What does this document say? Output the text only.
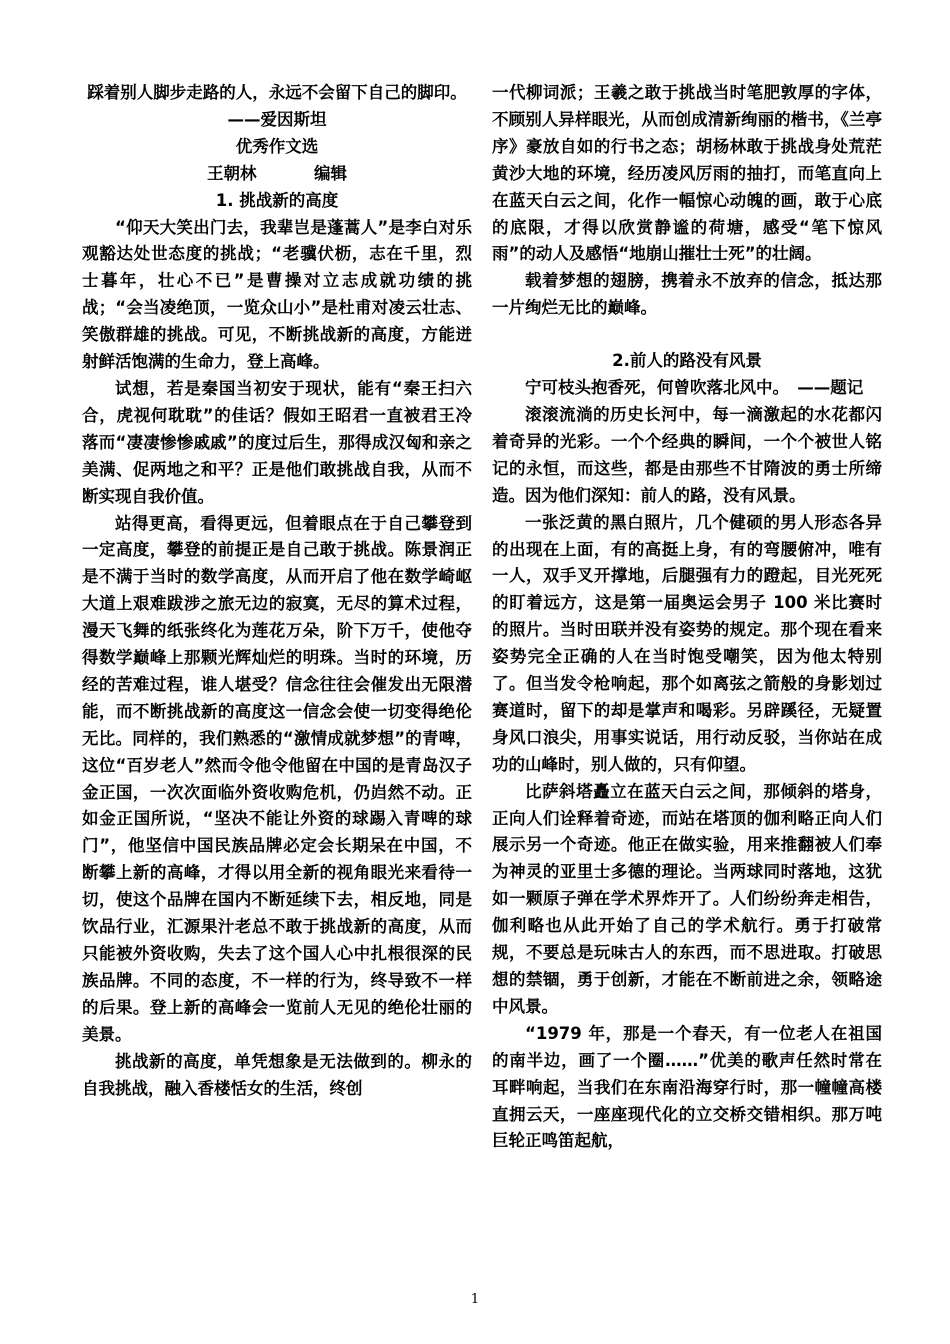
踩着别人脚步走路的人，永远不会留下自己的脚印。

——爱因斯坦

优秀作文选

王朝林          编辑

1. 挑战新的高度

“仰天大笑出门去，我辈岂是蓬蒿人”是李白对乐观豁达处世态度的挑战；“老骥伏枥，志在千里，烈士暮年，壮心不已”是曹操对立志成就功绩的挑战；“会当凌绝顶，一览众山小”是杜甫对凌云壮志、笑傲群雄的挑战。可见，不断挑战新的高度，方能迸射鲜活饱满的生命力，登上高峰。

试想，若是秦国当初安于现状，能有“秦王扫六合，虎视何耽耽”的佳话？假如王昭君一直被君王冷落而“凄凄惨惨戚戚”的度过后生，那得成汉匈和亲之美满、促两地之和平？正是他们敢挑战自我，从而不断实现自我价值。

站得更高，看得更远，但着眼点在于自己攀登到一定高度，攀登的前提正是自己敢于挑战。陈景润正是不满于当时的数学高度，从而开启了他在数学崎岖大道上艰难跋涉之旅无边的寂寞，无尽的算术过程，漫天飞舞的纸张终化为莲花万朵，阶下万千，使他夺得数学巅峰上那颗光辉灿烂的明珠。当时的环境，历经的苦难过程，谁人堪受？信念往往会催发出无限潜能，而不断挑战新的高度这一信念会使一切变得绝伦无比。同样的，我们熟悉的“激情成就梦想”的青啤，这位“百岁老人”然而令他令他留在中国的是青岛汉子金正国，一次次面临外资收购危机，仍岿然不动。正如金正国所说，“坚决不能让外资的球踢入青啤的球门”，他坚信中国民族品牌必定会长期呆在中国，不断攀上新的高峰，才得以用全新的视角眼光来看待一切，使这个品牌在国内不断延续下去，相反地，同是饮品行业，汇源果汁老总不敢于挑战新的高度，从而只能被外资收购，失去了这个国人心中扎根很深的民族品牌。不同的态度，不一样的行为，终导致不一样的后果。登上新的高峰会一览前人无见的绝伦壮丽的美景。

挑战新的高度，单凭想象是无法做到的。柳永的自我挑战，融入香楼恬女的生活，终创

一代柳词派；王羲之敢于挑战当时笔肥敦厚的字体，不顾别人异样眼光，从而创成清新绚丽的楷书，《兰亭序》豪放自如的行书之态；胡杨林敢于挑战身处荒茫黄沙大地的环境，经历凌风厉雨的抽打，而笔直向上在蓝天白云之间，化作一幅惊心动魄的画，敢于心底的底限，才得以欣赏静谧的荷塘，感受“笔下惊风雨”的动人及感悟“地崩山摧壮士死”的壮阔。

载着梦想的翅膀，携着永不放弃的信念，抵达那一片绚烂无比的巅峰。

2.前人的路没有风景

宁可枝头抱香死，何曾吹落北风中。　——题记

滚滚流淌的历史长河中，每一滴激起的水花都闪着奇异的光彩。一个个经典的瞬间，一个个被世人铭记的永恒，而这些，都是由那些不甘隋波的勇士所缔造。因为他们深知：前人的路，没有风景。

一张泛黄的黑白照片，几个健硕的男人形态各异的出现在上面，有的高挺上身，有的弯腰俯冲，唯有一人，双手叉开撑地，后腿强有力的蹬起，目光死死的盯着远方，这是第一届奥运会男子 100 米比赛时的照片。当时田联并没有姿势的规定。那个现在看来姿势完全正确的人在当时饱受嘲笑，因为他太特别了。但当发令枪响起，那个如离弦之箭般的身影划过赛道时，留下的却是掌声和喝彩。另辟蹊径，无疑置身风口浪尖，用事实说话，用行动反驳，当你站在成功的山峰时，别人做的，只有仰望。

比萨斜塔矗立在蓝天白云之间，那倾斜的塔身，正向人们诠释着奇迹，而站在塔顶的伽利略正向人们展示另一个奇迹。他正在做实验，用来推翻被人们奉为神灵的亚里士多德的理论。当两球同时落地，这犹如一颗原子弹在学术界炸开了。人们纷纷奔走相告，伽利略也从此开始了自己的学术航行。勇于打破常规，不要总是玩味古人的东西，而不思进取。打破思想的禁锢，勇于创新，才能在不断前进之余，领略途中风景。

“1979 年，那是一个春天，有一位老人在祖国的南半边，画了一个圈……”优美的歌声任然时常在耳畔响起，当我们在东南沿海穿行时，那一幢幢高楼直拥云天，一座座现代化的立交桥交错相织。那万吨巨轮正鸣笛起航，

1
